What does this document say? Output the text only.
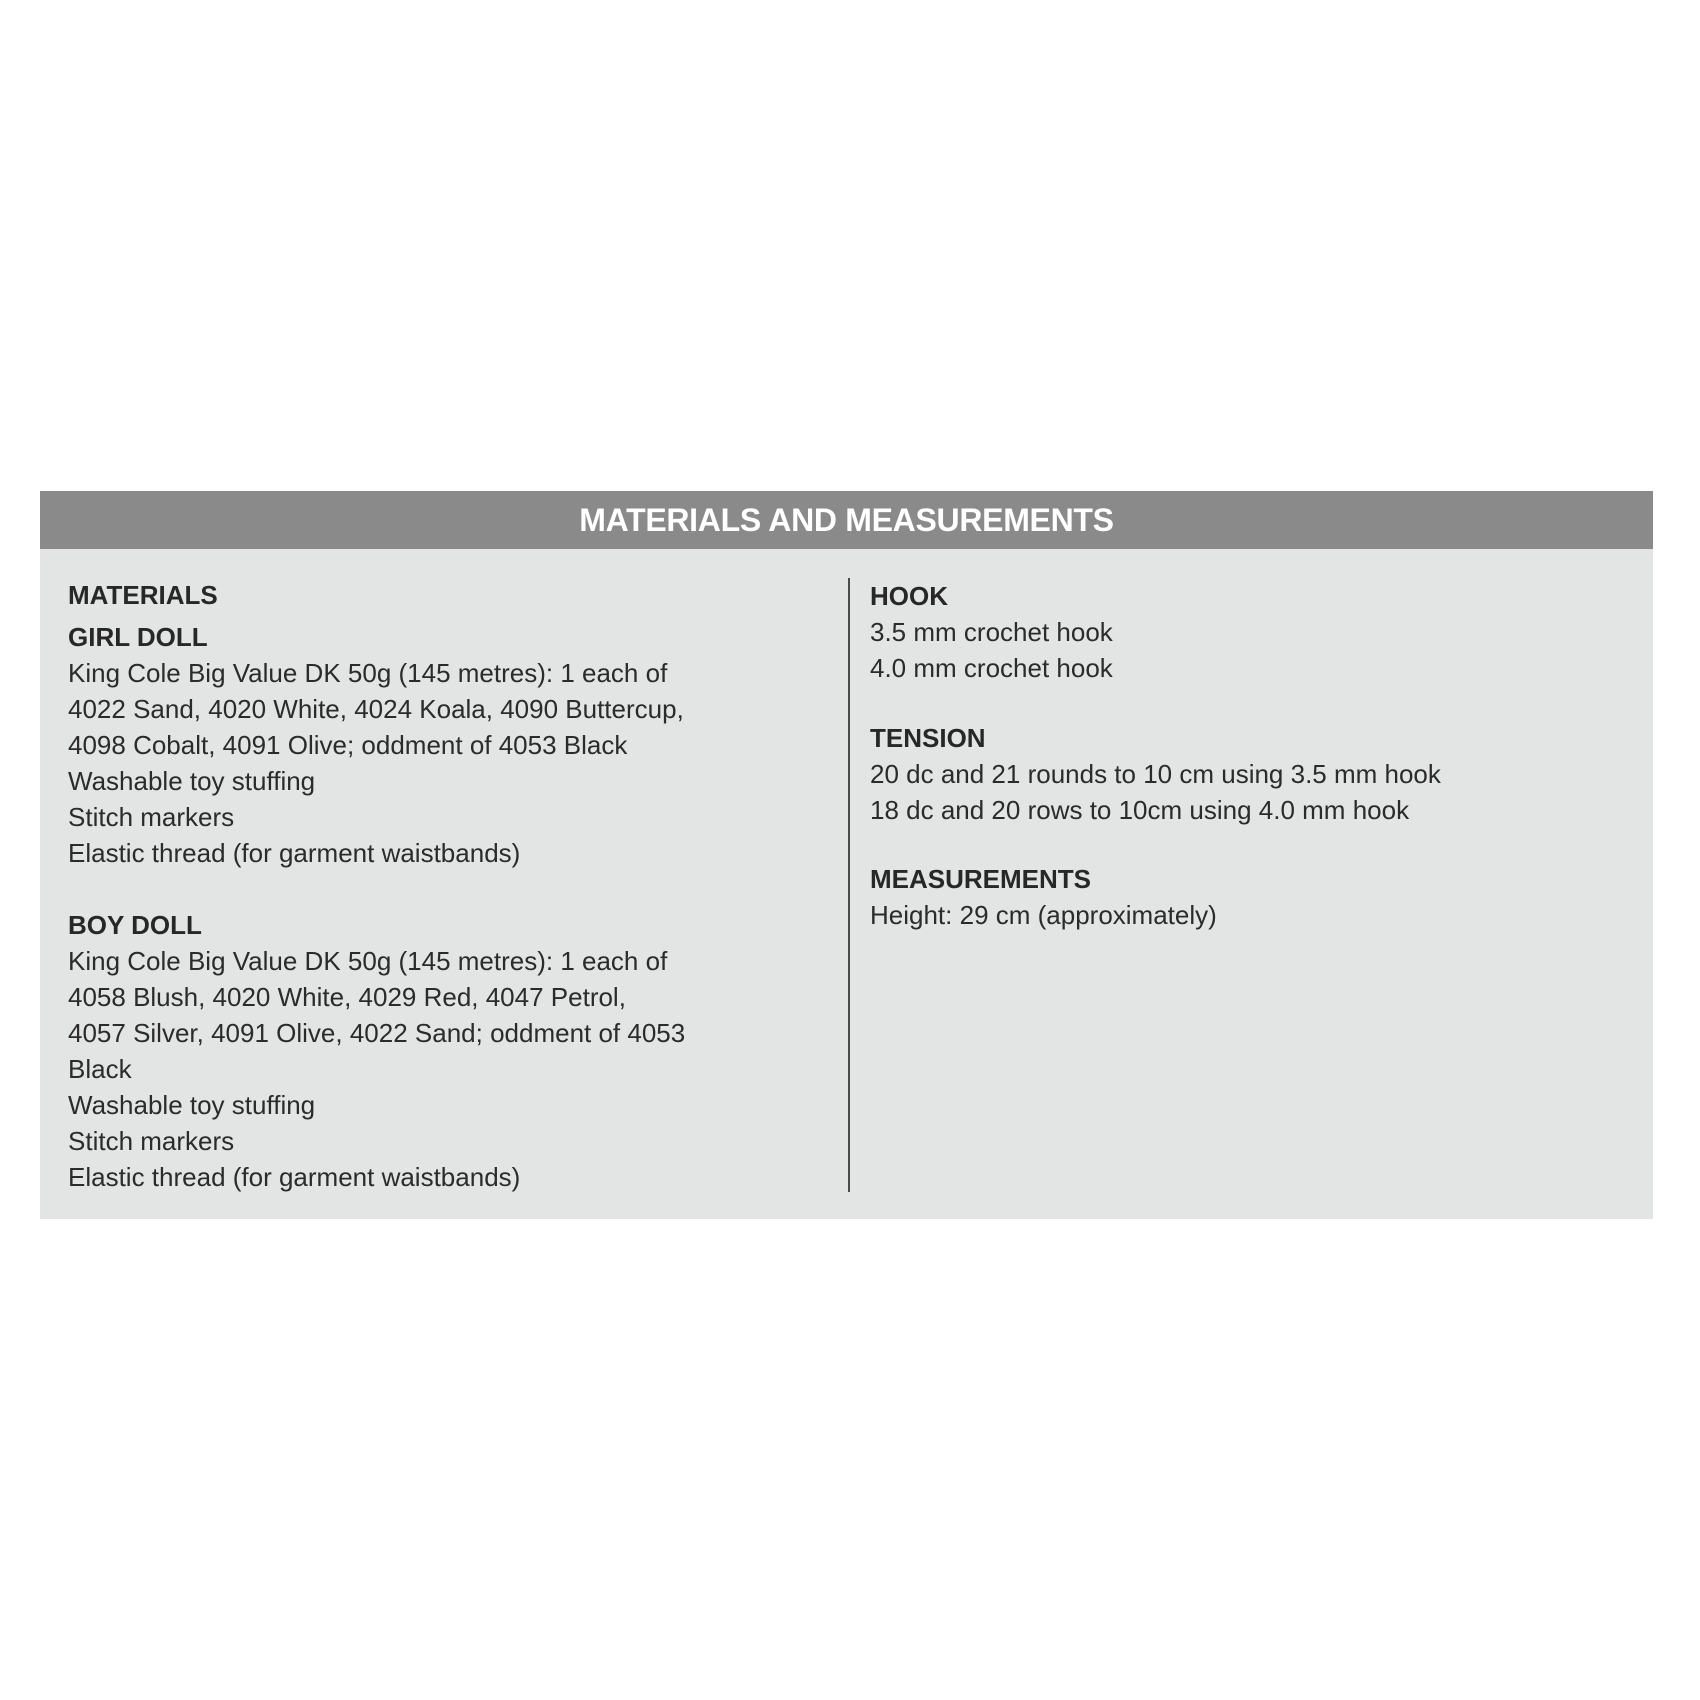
MATERIALS AND MEASUREMENTS

MATERIALS

GIRL DOLL

King Cole Big Value DK 50g (145 metres): 1 each of

4022 Sand, 4020 White, 4024 Koala, 4090 Buttercup,

4098 Cobalt, 4091 Olive; oddment of 4053 Black

Washable toy stuffing

Stitch markers

Elastic thread (for garment waistbands)

BOY DOLL

King Cole Big Value DK 50g (145 metres): 1 each of

4058 Blush, 4020 White, 4029 Red, 4047 Petrol,

4057 Silver, 4091 Olive, 4022 Sand; oddment of 4053

Black

Washable toy stuffing

Stitch markers

Elastic thread (for garment waistbands)

HOOK

3.5 mm crochet hook

4.0 mm crochet hook

TENSION

20 dc and 21 rounds to 10 cm using 3.5 mm hook

18 dc and 20 rows to 10cm using 4.0 mm hook

MEASUREMENTS

Height: 29 cm (approximately)
